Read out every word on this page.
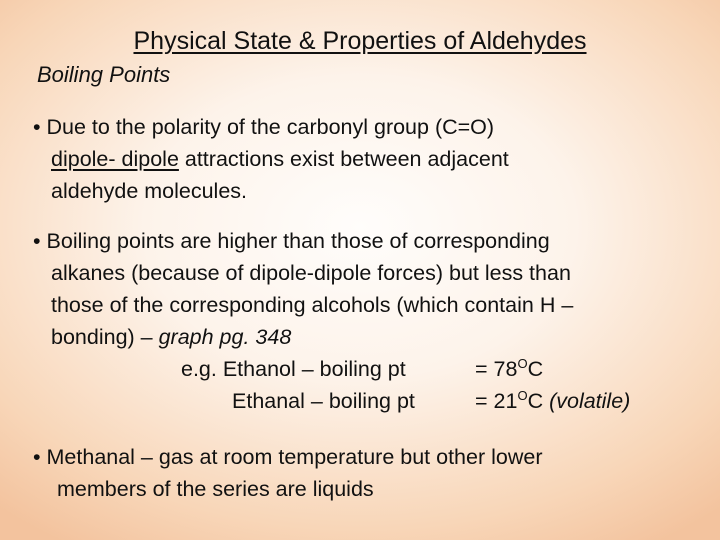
Physical State & Properties of Aldehydes
Boiling Points
• Due to the polarity of the carbonyl group (C=O)
dipole- dipole attractions exist between adjacent
aldehyde molecules.
• Boiling points are higher than those of corresponding
alkanes (because of dipole-dipole forces) but less than
those of the corresponding alcohols (which contain H –
bonding) – graph pg. 348
e.g. Ethanol – boiling pt	= $78^OC$
Ethanal – boiling pt	= $21^OC$ (volatile)
• Methanal – gas at room temperature but other lower
members of the series are liquids
